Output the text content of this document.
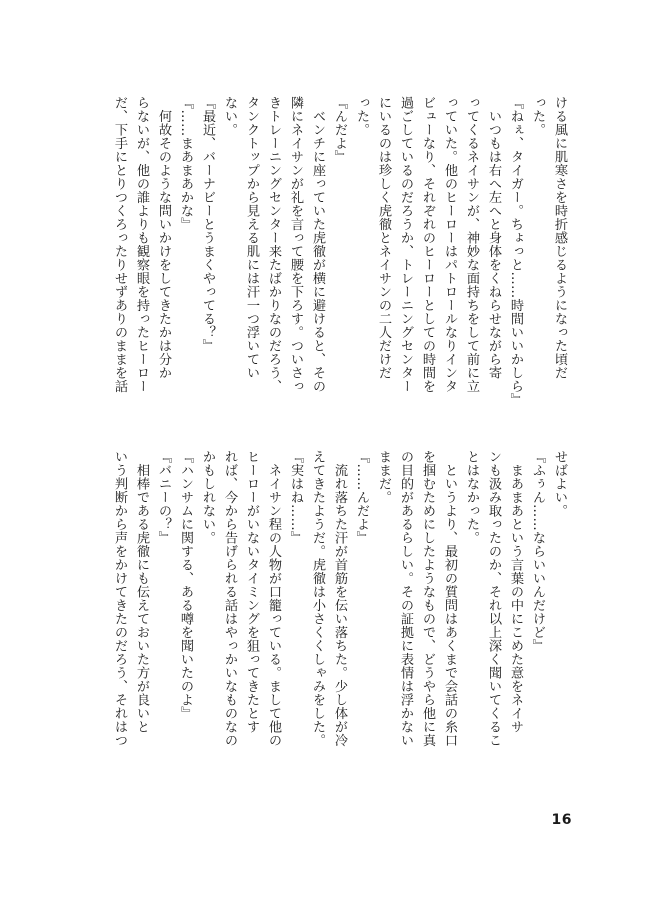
ける風に肌寒さを時折感じるようになった頃だ
った。
『ねぇ、タイガー。ちょっと……時間いいかしら』
　いつもは右へ左へと身体をくねらせながら寄
ってくるネイサンが、神妙な面持ちをして前に立
っていた。他のヒーローはパトロールなりインタ
ビューなり、それぞれのヒーローとしての時間を
過ごしているのだろうか、トレーニングセンター
にいるのは珍しく虎徹とネイサンの二人だけだ
った。
『んだよ』
　ベンチに座っていた虎徹が横に避けると、その
隣にネイサンが礼を言って腰を下ろす。ついさっ
きトレーニングセンター来たばかりなのだろう、
タンクトップから見える肌には汗一つ浮いてい
ない。
『最近、バーナビーとうまくやってる？』
『……まあまあかな』
　何故そのような問いかけをしてきたかは分か
らないが、他の誰よりも観察眼を持ったヒーロー
だ、下手にとりつくろったりせずありのままを話
せばよい。
『ふぅん……ならいいんだけど』
　まあまあという言葉の中にこめた意をネイサ
ンも汲み取ったのか、それ以上深く聞いてくるこ
とはなかった。
　というより、最初の質問はあくまで会話の糸口
を掴むためにしたようなもので、どうやら他に真
の目的があるらしい。その証拠に表情は浮かない
ままだ。
『……んだよ』
　流れ落ちた汗が首筋を伝い落ちた。少し体が冷
えてきたようだ。虎徹は小さくくしゃみをした。
『実はね……』
　ネイサン程の人物が口籠っている。まして他の
ヒーローがいないタイミングを狙ってきたとす
れば、今から告げられる話はやっかいなものなの
かもしれない。
『ハンサムに関する、ある噂を聞いたのよ』
『バニーの？』
　相棒である虎徹にも伝えておいた方が良いと
いう判断から声をかけてきたのだろう、それはつ
16
